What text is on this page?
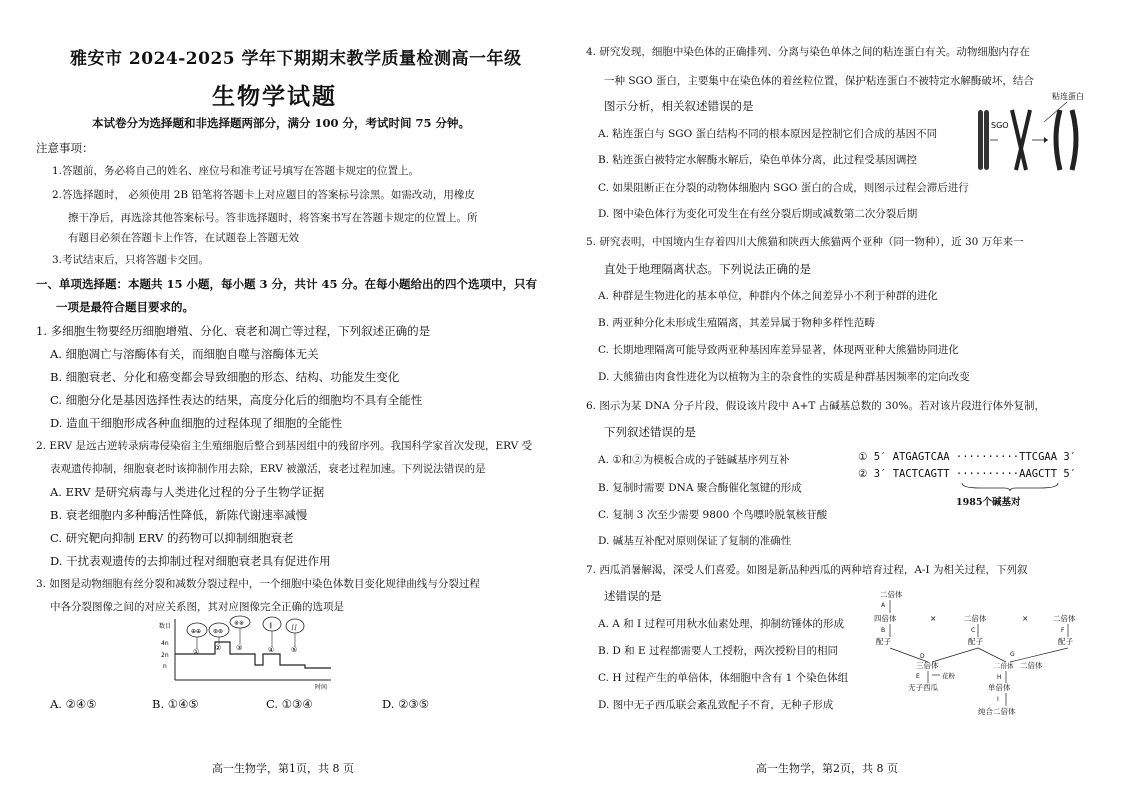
雅安市 2024-2025 学年下期期末教学质量检测高一年级
生物学试题
本试卷分为选择题和非选择题两部分，满分 100 分，考试时间 75 分钟。
注意事项：
1.答题前，务必将自己的姓名、座位号和准考证号填写在答题卡规定的位置上。
2.答选择题时， 必须使用 2B 铅笔将答题卡上对应题目的答案标号涂黑。如需改动，用橡皮
擦干净后，再选涂其他答案标号。答非选择题时，将答案书写在答题卡规定的位置上。所
有题目必须在答题卡上作答，在试题卷上答题无效
3.考试结束后，只将答题卡交回。
一、单项选择题：本题共 15 小题，每小题 3 分，共计 45 分。在每小题给出的四个选项中，只有
一项是最符合题目要求的。
1. 多细胞生物要经历细胞增殖、分化、衰老和凋亡等过程，下列叙述正确的是
A. 细胞凋亡与溶酶体有关，而细胞自噬与溶酶体无关
B. 细胞衰老、分化和癌变都会导致细胞的形态、结构、功能发生变化
C. 细胞分化是基因选择性表达的结果，高度分化后的细胞均不具有全能性
D. 造血干细胞形成各种血细胞的过程体现了细胞的全能性
2. ERV 是远古逆转录病毒侵染宿主生殖细胞后整合到基因组中的残留序列。我国科学家首次发现，ERV 受
表观遗传抑制，细胞衰老时该抑制作用去除，ERV 被激活，衰老过程加速。下列说法错误的是
A. ERV 是研究病毒与人类进化过程的分子生物学证据
B. 衰老细胞内多种酶活性降低，新陈代谢速率减慢
C. 研究靶向抑制 ERV 的药物可以抑制细胞衰老
D. 干扰表观遗传的去抑制过程对细胞衰老具有促进作用
3. 如图是动物细胞有丝分裂和减数分裂过程中，一个细胞中染色体数目变化规律曲线与分裂过程
中各分裂图像之间的对应关系图，其对应图像完全正确的选项是
数目
4n
2n
n
时间
⊕⊕ ⊛⊛
※※	∥	∫∫
① ② ③	④ ⑤
A. ②④⑤	B. ①④⑤	C. ①③④	D. ②③⑤
高一生物学，第1页，共 8 页
4. 研究发现，细胞中染色体的正确排列、分离与染色单体之间的粘连蛋白有关。动物细胞内存在
一种 SGO 蛋白，主要集中在染色体的着丝粒位置，保护粘连蛋白不被特定水解酶破坏，结合
图示分析，相关叙述错误的是
粘连蛋白
SGO
A. 粘连蛋白与 SGO 蛋白结构不同的根本原因是控制它们合成的基因不同
B. 粘连蛋白被特定水解酶水解后，染色单体分离，此过程受基因调控
C. 如果阻断正在分裂的动物体细胞内 SGO 蛋白的合成，则图示过程会滞后进行
D. 图中染色体行为变化可发生在有丝分裂后期或减数第二次分裂后期
5. 研究表明，中国境内生存着四川大熊猫和陕西大熊猫两个亚种（同一物种），近 30 万年来一
直处于地理隔离状态。下列说法正确的是
A. 种群是生物进化的基本单位，种群内个体之间差异小不利于种群的进化
B. 两亚种分化未形成生殖隔离，其差异属于物种多样性范畴
C. 长期地理隔离可能导致两亚种基因库差异显著，体现两亚种大熊猫协同进化
D. 大熊猫由肉食性进化为以植物为主的杂食性的实质是种群基因频率的定向改变
6. 图示为某 DNA 分子片段，假设该片段中 A+T 占碱基总数的 30%。若对该片段进行体外复制，
下列叙述错误的是
A. ①和②为模板合成的子链碱基序列互补
B. 复制时需要 DNA 聚合酶催化氢键的形成
C. 复制 3 次至少需要 9800 个鸟嘌呤脱氧核苷酸
D. 碱基互补配对原则保证了复制的准确性
① 5′ ATGAGTCAA ··········TTCGAA 3′
② 3′ TACTCAGTT ··········AAGCTT 5′
1985个碱基对
7. 西瓜消暑解渴，深受人们喜爱。如图是新品种西瓜的两种培育过程，A-I 为相关过程，下列叙
述错误的是
A. A 和 I 过程可用秋水仙素处理，抑制纺锤体的形成
B. D 和 E 过程都需要人工授粉，两次授粉目的相同
C. H 过程产生的单倍体，体细胞中含有 1 个染色体组
D. 图中无子西瓜联会紊乱致配子不育，无种子形成
二倍体
A
四倍体	×	二倍体	×	二倍体
B	C	F
配子	配子	配子
D	G
三倍体	二倍体
二倍体
E	花粉	H
无子西瓜	单倍体
I
纯合二倍体
高一生物学，第2页，共 8 页
